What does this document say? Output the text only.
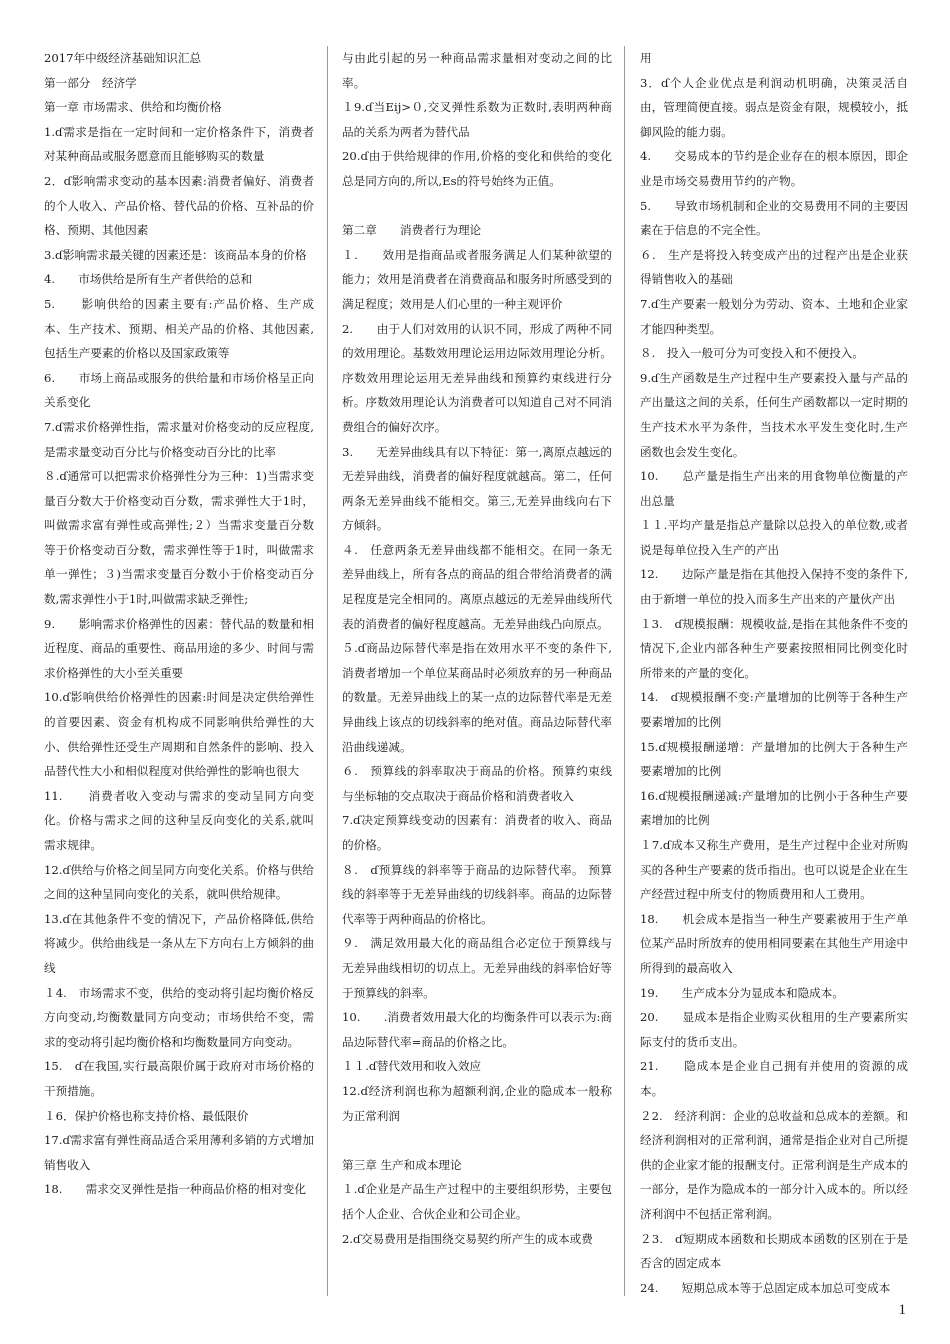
2017年中级经济基础知识汇总

第一部分　经济学

第一章 市场需求、供给和均衡价格

1.ɗ需求是指在一定时间和一定价格条件下，消费者对某种商品或服务愿意而且能够购买的数量

2．ɗ影响需求变动的基本因素:消费者偏好、消费者的个人收入、产品价格、替代品的价格、互补品的价格、预期、其他因素

3.ɗ影响需求最关键的因素还是：该商品本身的价格

4.　　市场供给是所有生产者供给的总和

5.　　影响供给的因素主要有:产品价格、生产成本、生产技术、预期、相关产品的价格、其他因素,包括生产要素的价格以及国家政策等

6.　　市场上商品或服务的供给量和市场价格呈正向关系变化

7.ɗ需求价格弹性指，需求量对价格变动的反应程度,是需求量变动百分比与价格变动百分比的比率

８.ɗ通常可以把需求价格弹性分为三种：1)当需求变量百分数大于价格变动百分数，需求弹性大于1时，叫做需求富有弹性或高弹性;２）当需求变量百分数等于价格变动百分数，需求弹性等于1时，叫做需求单一弹性；３)当需求变量百分数小于价格变动百分数,需求弹性小于1时,叫做需求缺乏弹性;

9.　　影响需求价格弹性的因素：替代品的数量和相近程度、商品的重要性、商品用途的多少、时间与需求价格弹性的大小至关重要

10.ɗ影响供给价格弹性的因素:时间是决定供给弹性的首要因素、资金有机构成不同影响供给弹性的大小、供给弹性还受生产周期和自然条件的影响、投入品替代性大小和相似程度对供给弹性的影响也很大

11.　　消费者收入变动与需求的变动呈同方向变化。价格与需求之间的这种呈反向变化的关系,就叫需求规律。

12.ɗ供给与价格之间呈同方向变化关系。价格与供给之间的这种呈同向变化的关系，就叫供给规律。

13.ɗ在其他条件不变的情况下，产品价格降低,供给将减少。供给曲线是一条从左下方向右上方倾斜的曲线

１4.　市场需求不变，供给的变动将引起均衡价格反方向变动,均衡数量同方向变动；市场供给不变，需求的变动将引起均衡价格和均衡数量同方向变动。

15.　ɗ在我国,实行最高限价属于政府对市场价格的干预措施。

１6．保护价格也称支持价格、最低限价

17.ɗ需求富有弹性商品适合采用薄利多销的方式增加销售收入

18.　　需求交叉弹性是指一种商品价格的相对变化

与由此引起的另一种商品需求量相对变动之间的比率。

１9.ɗ当Eij>０,交叉弹性系数为正数时,表明两种商品的关系为两者为替代品

20.ɗ由于供给规律的作用,价格的变化和供给的变化总是同方向的,所以,Es的符号始终为正值。

第二章　　消费者行为理论

１.　　效用是指商品或者服务满足人们某种欲望的能力；效用是消费者在消费商品和服务时所感受到的满足程度；效用是人们心里的一种主观评价

2.　　由于人们对效用的认识不同，形成了两种不同的效用理论。基数效用理论运用边际效用理论分析。序数效用理论运用无差异曲线和预算约束线进行分析。序数效用理论认为消费者可以知道自己对不同消费组合的偏好次序。

3.　　无差异曲线具有以下特征：第一,离原点越远的无差异曲线，消费者的偏好程度就越高。第二，任何两条无差异曲线不能相交。第三,无差异曲线向右下方倾斜。

４.　任意两条无差异曲线都不能相交。在同一条无差异曲线上，所有各点的商品的组合带给消费者的满足程度是完全相同的。离原点越远的无差异曲线所代表的消费者的偏好程度越高。无差异曲线凸向原点。

５.ɗ商品边际替代率是指在效用水平不变的条件下,消费者增加一个单位某商品时必须放弃的另一种商品的数量。无差异曲线上的某一点的边际替代率是无差异曲线上该点的切线斜率的绝对值。商品边际替代率沿曲线递减。

６.　预算线的斜率取决于商品的价格。预算约束线与坐标轴的交点取决于商品价格和消费者收入

7.ɗ决定预算线变动的因素有：消费者的收入、商品的价格。

８.　ɗ预算线的斜率等于商品的边际替代率。 预算线的斜率等于无差异曲线的切线斜率。商品的边际替代率等于两种商品的价格比。

９.　满足效用最大化的商品组合必定位于预算线与无差异曲线相切的切点上。无差异曲线的斜率恰好等于预算线的斜率。

10.　　.消费者效用最大化的均衡条件可以表示为:商品边际替代率=商品的价格之比。

１１.ɗ替代效用和收入效应

12.ɗ经济利润也称为超额利润,企业的隐成本一般称为正常利润

第三章 生产和成本理论

１.ɗ企业是产品生产过程中的主要组织形势，主要包括个人企业、合伙企业和公司企业。

2.ɗ交易费用是指围绕交易契约所产生的成本或费

用

3．ɗ个人企业优点是利润动机明确，决策灵活自由，管理简便直接。弱点是资金有限，规模较小，抵御风险的能力弱。

4.　　交易成本的节约是企业存在的根本原因，即企业是市场交易费用节约的产物。

5.　　导致市场机制和企业的交易费用不同的主要因素在于信息的不完全性。

６.　生产是将投入转变成产出的过程产出是企业获得销售收入的基础

7.ɗ生产要素一般划分为劳动、资本、土地和企业家才能四种类型。

８.　投入一般可分为可变投入和不便投入。

9.ɗ生产函数是生产过程中生产要素投入量与产品的产出量这之间的关系，任何生产函数都以一定时期的生产技术水平为条件，当技术水平发生变化时,生产函数也会发生变化。

10.　　总产量是指生产出来的用食物单位衡量的产出总量

１１.平均产量是指总产量除以总投入的单位数,或者说是每单位投入生产的产出

12.　　边际产量是指在其他投入保持不变的条件下,由于新增一单位的投入而多生产出来的产量伙产出

１3.　ɗ规模报酬：规模收益,是指在其他条件不变的情况下,企业内部各种生产要素按照相同比例变化时所带来的产量的变化。

14.　ɗ规模报酬不变:产量增加的比例等于各种生产要素增加的比例

15.ɗ规模报酬递增：产量增加的比例大于各种生产要素增加的比例

16.ɗ规模报酬递减:产量增加的比例小于各种生产要素增加的比例

１7.ɗ成本又称生产费用，是生产过程中企业对所购买的各种生产要素的货币指出。也可以说是企业在生产经营过程中所支付的物质费用和人工费用。

18.　　机会成本是指当一种生产要素被用于生产单位某产品时所放弃的使用相同要素在其他生产用途中所得到的最高收入

19.　　生产成本分为显成本和隐成本。

20.　　显成本是指企业购买伙租用的生产要素所实际支付的货币支出。

21.　　隐成本是企业自己拥有并使用的资源的成本。

２2.　经济利润：企业的总收益和总成本的差额。和经济利润相对的正常利润，通常是指企业对自己所提供的企业家才能的报酬支付。正常利润是生产成本的一部分，是作为隐成本的一部分计入成本的。所以经济利润中不包括正常利润。

２3.　ɗ短期成本函数和长期成本函数的区别在于是否含的固定成本

24.　　短期总成本等于总固定成本加总可变成本

1
